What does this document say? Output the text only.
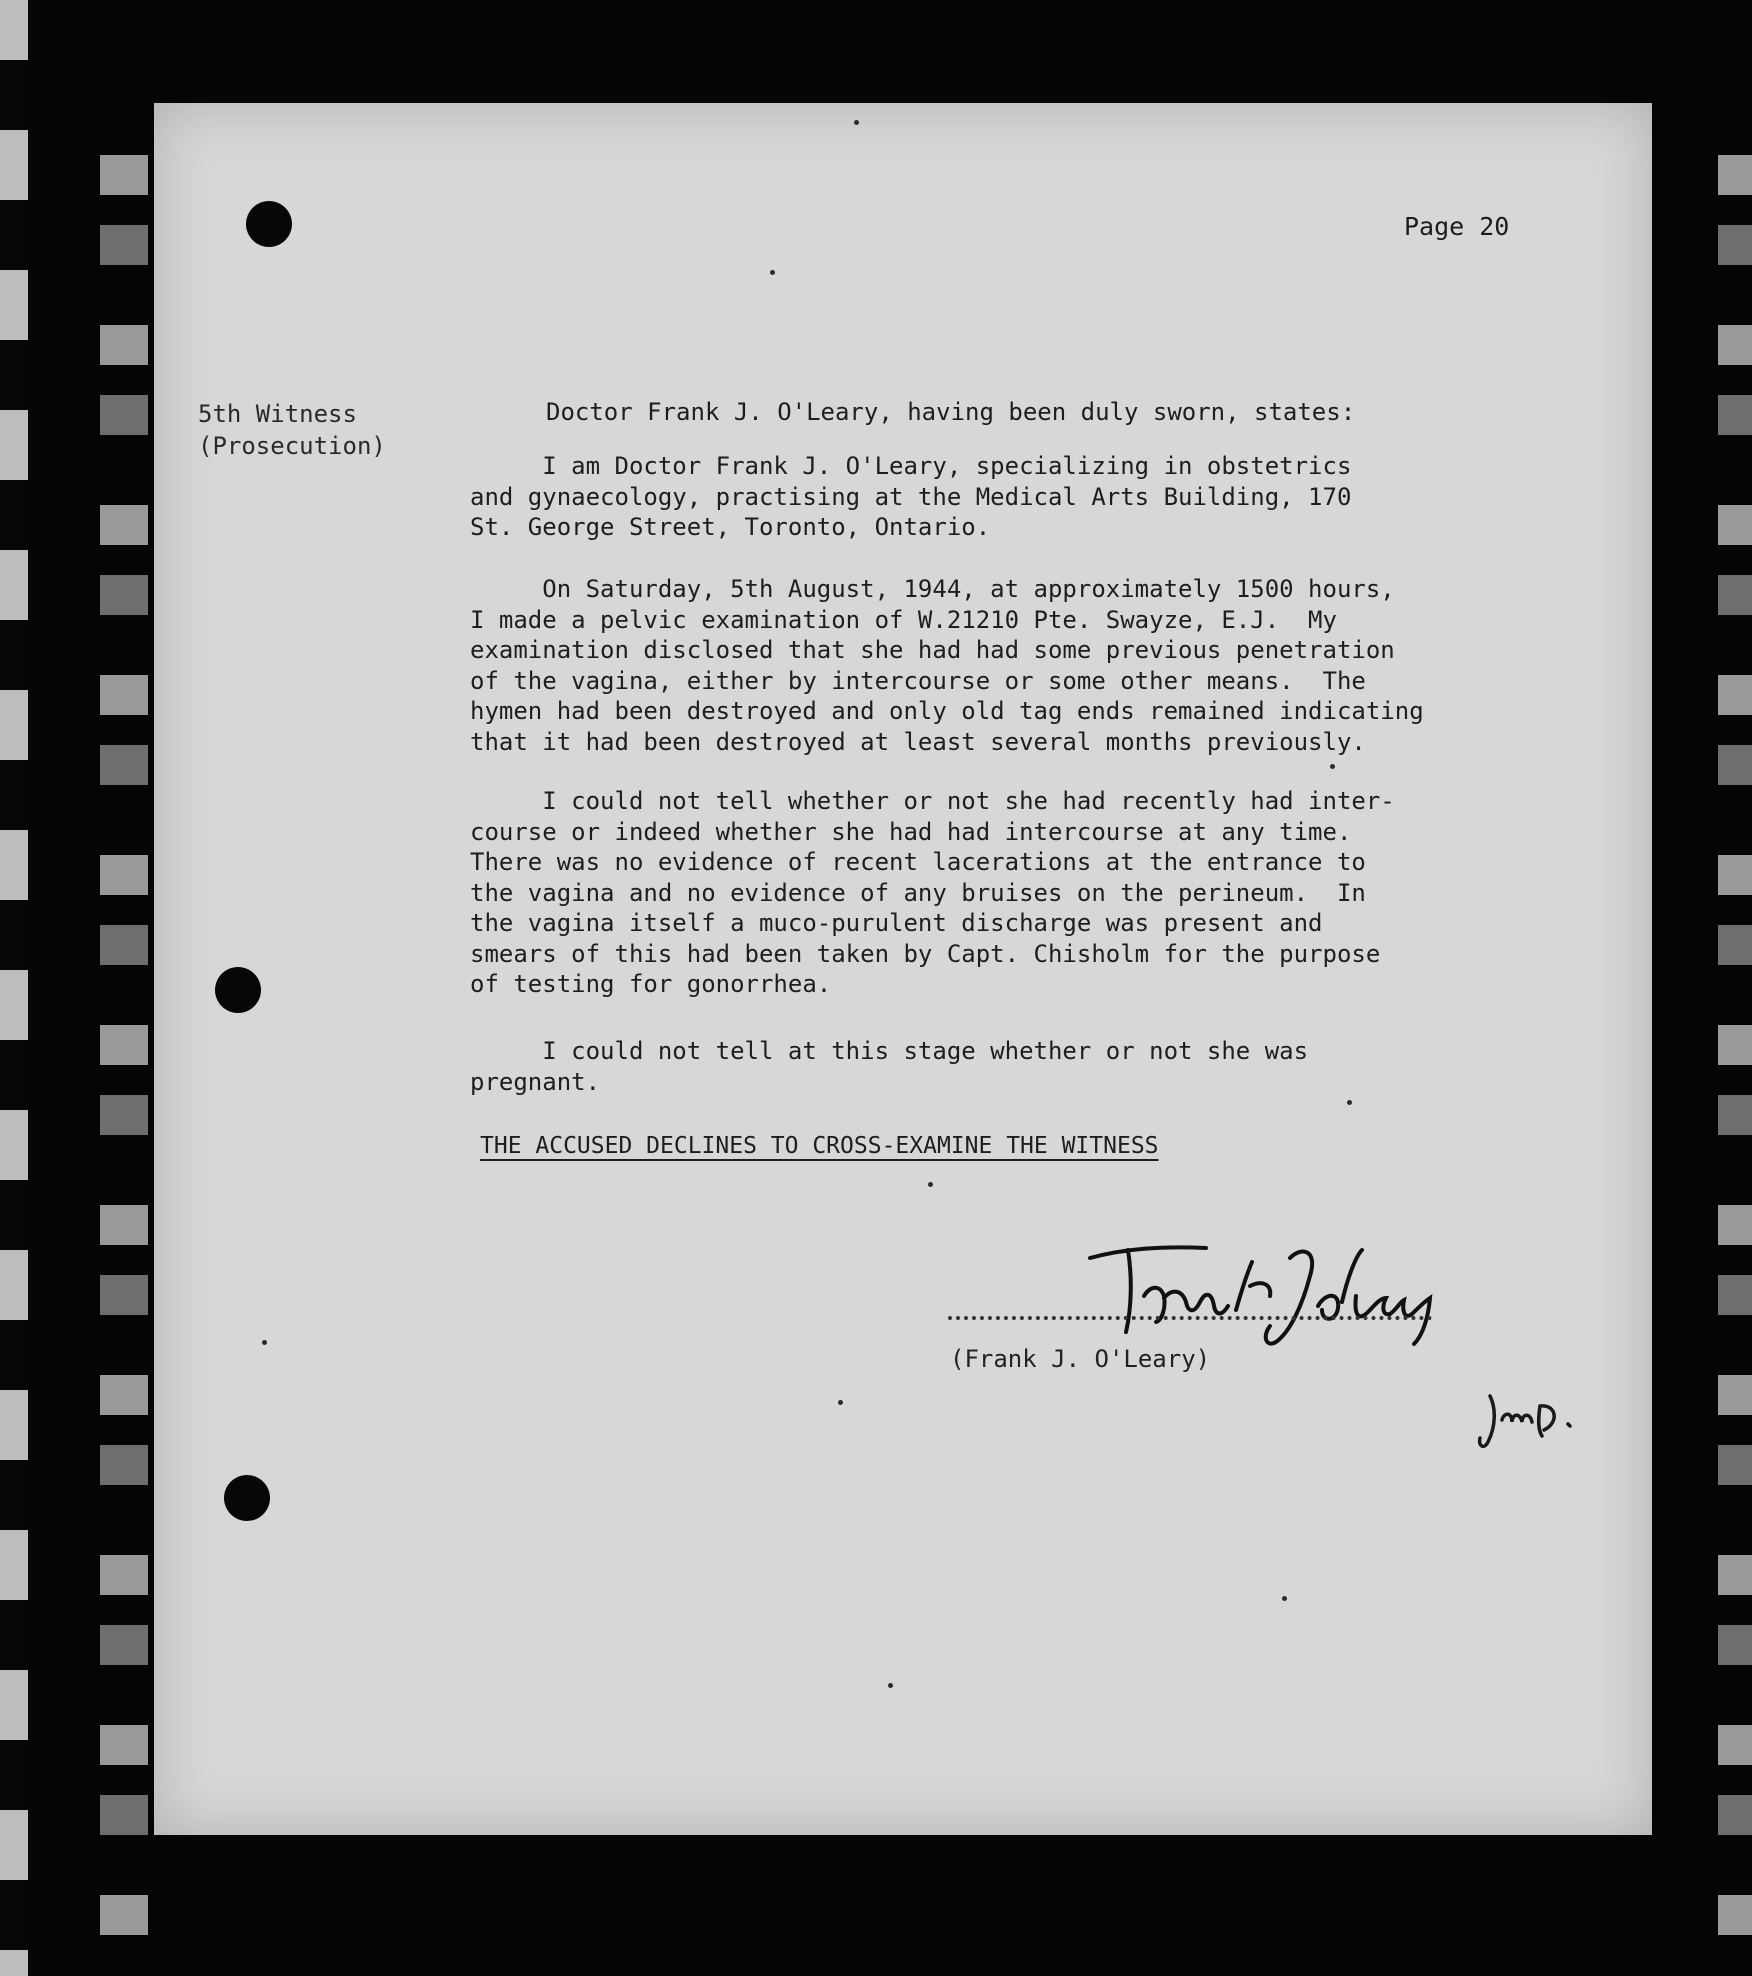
Page 20
5th Witness
(Prosecution)
Doctor Frank J. O'Leary, having been duly sworn, states:

I am Doctor Frank J. O'Leary, specializing in obstetrics

and gynaecology, practising at the Medical Arts Building, 170

St. George Street, Toronto, Ontario.

On Saturday, 5th August, 1944, at approximately 1500 hours,

I made a pelvic examination of W.21210 Pte. Swayze, E.J.  My

examination disclosed that she had had some previous penetration

of the vagina, either by intercourse or some other means.  The

hymen had been destroyed and only old tag ends remained indicating

that it had been destroyed at least several months previously.

I could not tell whether or not she had recently had inter-

course or indeed whether she had had intercourse at any time.

There was no evidence of recent lacerations at the entrance to

the vagina and no evidence of any bruises on the perineum.  In

the vagina itself a muco-purulent discharge was present and

smears of this had been taken by Capt. Chisholm for the purpose

of testing for gonorrhea.

I could not tell at this stage whether or not she was

pregnant.

THE ACCUSED DECLINES TO CROSS-EXAMINE THE WITNESS
(Frank J. O'Leary)
